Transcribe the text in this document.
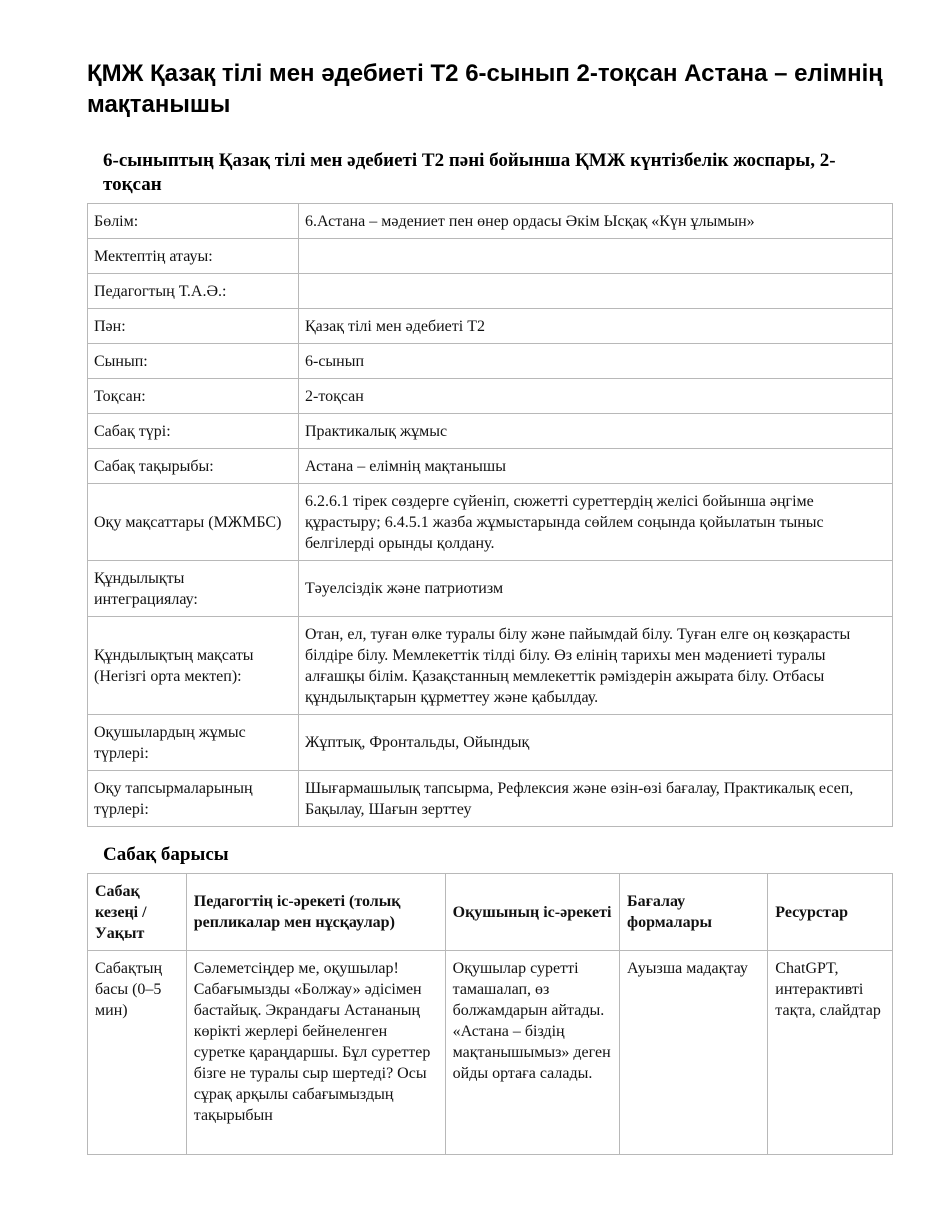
ҚМЖ Қазақ тілі мен әдебиеті Т2 6-сынып 2-тоқсан Астана – елімнің мақтанышы
6-сыныптың Қазақ тілі мен әдебиеті Т2 пәні бойынша ҚМЖ күнтізбелік жоспары, 2-тоқсан
Бөлім:	6.Астана – мәдениет пен өнер ордасы Әкім Ысқақ «Күн ұлымын»
Мектептің атауы:	
Педагогтың Т.А.Ә.:	
Пән:	Қазақ тілі мен әдебиеті Т2
Сынып:	6-сынып
Тоқсан:	2-тоқсан
Сабақ түрі:	Практикалық жұмыс
Сабақ тақырыбы:	Астана – елімнің мақтанышы
Оқу мақсаттары (МЖМБС)	6.2.6.1 тірек сөздерге сүйеніп, сюжетті суреттердің желісі бойынша әңгіме құрастыру; 6.4.5.1 жазба жұмыстарында сөйлем соңында қойылатын тыныс белгілерді орынды қолдану.
Құндылықты интеграциялау:	Тәуелсіздік және патриотизм
Құндылықтың мақсаты (Негізгі орта мектеп):	Отан, ел, туған өлке туралы білу және пайымдай білу. Туған елге оң көзқарасты білдіре білу. Мемлекеттік тілді білу. Өз елінің тарихы мен мәдениеті туралы алғашқы білім. Қазақстанның мемлекеттік рәміздерін ажырата білу. Отбасы құндылықтарын құрметтеу және қабылдау.
Оқушылардың жұмыс түрлері:	Жұптық, Фронтальды, Ойындық
Оқу тапсырмаларының түрлері:	Шығармашылық тапсырма, Рефлексия және өзін-өзі бағалау, Практикалық есеп, Бақылау, Шағын зерттеу
Сабақ барысы
Сабақ кезеңі / Уақыт	Педагогтің іс-әрекеті (толық репликалар мен нұсқаулар)	Оқушының іс-әрекеті	Бағалау формалары	Ресурстар
Сабақтың басы (0–5 мин)	Сәлеметсіңдер ме, оқушылар! Сабағымызды «Болжау» әдісімен бастайық. Экрандағы Астананың көрікті жерлері бейнеленген суретке қараңдаршы. Бұл суреттер бізге не туралы сыр шертеді? Осы сұрақ арқылы сабағымыздың тақырыбын	Оқушылар суретті тамашалап, өз болжамдарын айтады. «Астана – біздің мақтанышымыз» деген ойды ортаға салады.	Ауызша мадақтау	ChatGPT, интерактивті тақта, слайдтар
